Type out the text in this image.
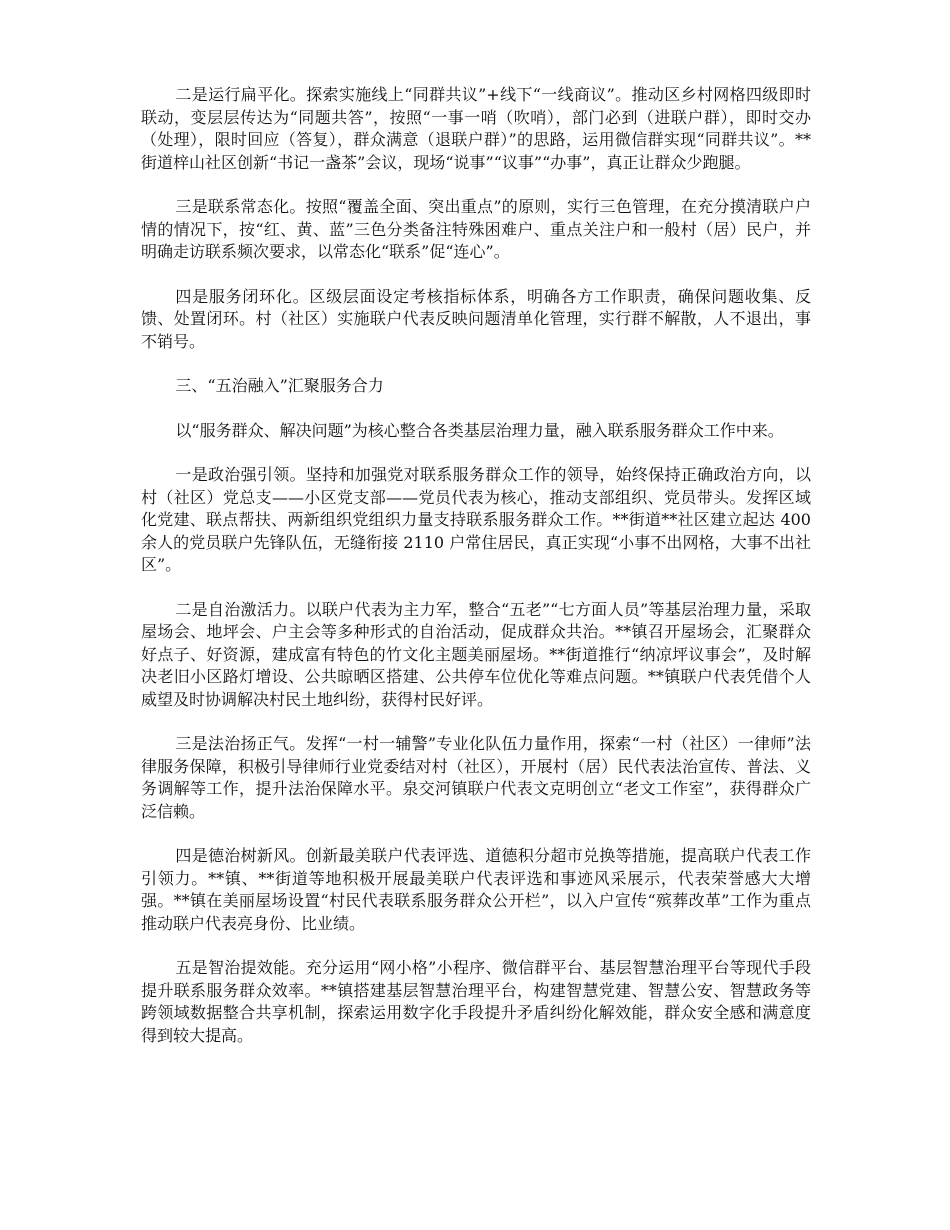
二是运行扁平化。探索实施线上“同群共议”+线下“一线商议”。推动区乡村网格四级即时联动，变层层传达为“同题共答”，按照“一事一哨（吹哨），部门必到（进联户群），即时交办（处理），限时回应（答复），群众满意（退联户群）”的思路，运用微信群实现“同群共议”。**街道梓山社区创新“书记一盏茶”会议，现场“说事”“议事”“办事”，真正让群众少跑腿。

三是联系常态化。按照“覆盖全面、突出重点”的原则，实行三色管理，在充分摸清联户户情的情况下，按“红、黄、蓝”三色分类备注特殊困难户、重点关注户和一般村（居）民户，并明确走访联系频次要求，以常态化“联系”促“连心”。

四是服务闭环化。区级层面设定考核指标体系，明确各方工作职责，确保问题收集、反馈、处置闭环。村（社区）实施联户代表反映问题清单化管理，实行群不解散，人不退出，事不销号。

三、“五治融入”汇聚服务合力

以“服务群众、解决问题”为核心整合各类基层治理力量，融入联系服务群众工作中来。

一是政治强引领。坚持和加强党对联系服务群众工作的领导，始终保持正确政治方向，以村（社区）党总支——小区党支部——党员代表为核心，推动支部组织、党员带头。发挥区域化党建、联点帮扶、两新组织党组织力量支持联系服务群众工作。**街道**社区建立起达 400 余人的党员联户先锋队伍，无缝衔接 2110 户常住居民，真正实现“小事不出网格，大事不出社区”。

二是自治激活力。以联户代表为主力军，整合“五老”“七方面人员”等基层治理力量，采取屋场会、地坪会、户主会等多种形式的自治活动，促成群众共治。**镇召开屋场会，汇聚群众好点子、好资源，建成富有特色的竹文化主题美丽屋场。**街道推行“纳凉坪议事会”，及时解决老旧小区路灯增设、公共晾晒区搭建、公共停车位优化等难点问题。**镇联户代表凭借个人威望及时协调解决村民土地纠纷，获得村民好评。

三是法治扬正气。发挥“一村一辅警”专业化队伍力量作用，探索“一村（社区）一律师”法律服务保障，积极引导律师行业党委结对村（社区），开展村（居）民代表法治宣传、普法、义务调解等工作，提升法治保障水平。泉交河镇联户代表文克明创立“老文工作室”，获得群众广泛信赖。

四是德治树新风。创新最美联户代表评选、道德积分超市兑换等措施，提高联户代表工作引领力。**镇、**街道等地积极开展最美联户代表评选和事迹风采展示，代表荣誉感大大增强。**镇在美丽屋场设置“村民代表联系服务群众公开栏”，以入户宣传“殡葬改革”工作为重点推动联户代表亮身份、比业绩。

五是智治提效能。充分运用“网小格”小程序、微信群平台、基层智慧治理平台等现代手段提升联系服务群众效率。**镇搭建基层智慧治理平台，构建智慧党建、智慧公安、智慧政务等跨领域数据整合共享机制，探索运用数字化手段提升矛盾纠纷化解效能，群众安全感和满意度得到较大提高。
